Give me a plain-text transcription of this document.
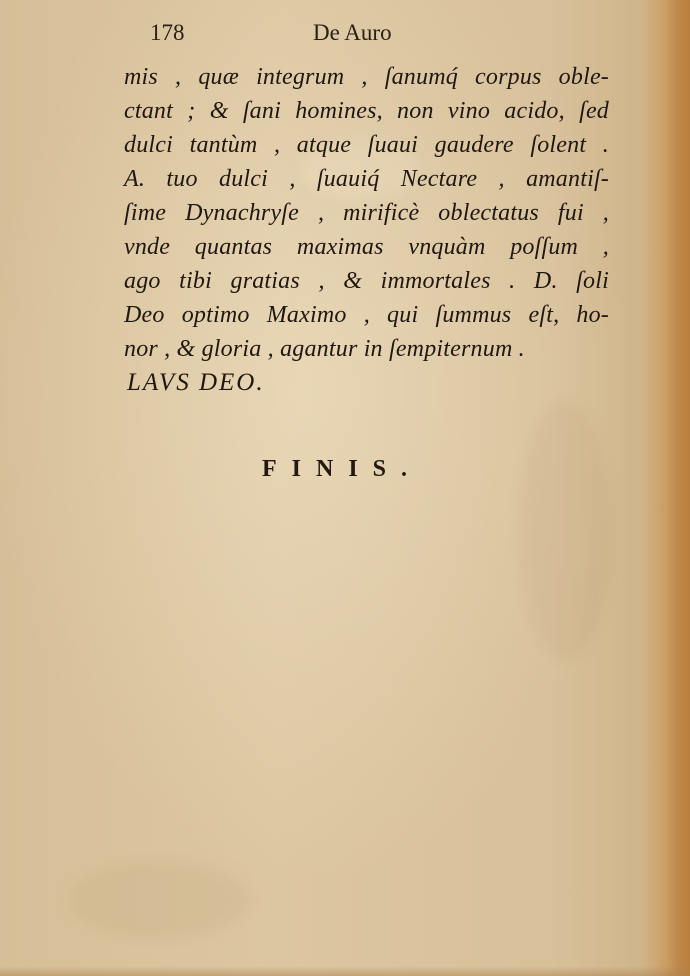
178	De Auro
mis , quæ integrum , ſanumq́ corpus oble-
ctant ; & ſani homines, non vino acido, ſed
dulci tantùm , atque ſuaui gaudere ſolent .
A. tuo dulci , ſuauiq́ Nectare , amantiſ-
ſime Dynachryſe , mirificè oblectatus fui ,
vnde quantas maximas vnquàm poſſum ,
ago tibi gratias , & immortales . D. ſoli
Deo optimo Maximo , qui ſummus eſt, ho-
nor , & gloria , agantur in ſempiternum .
LAVS DEO.
FINIS.
